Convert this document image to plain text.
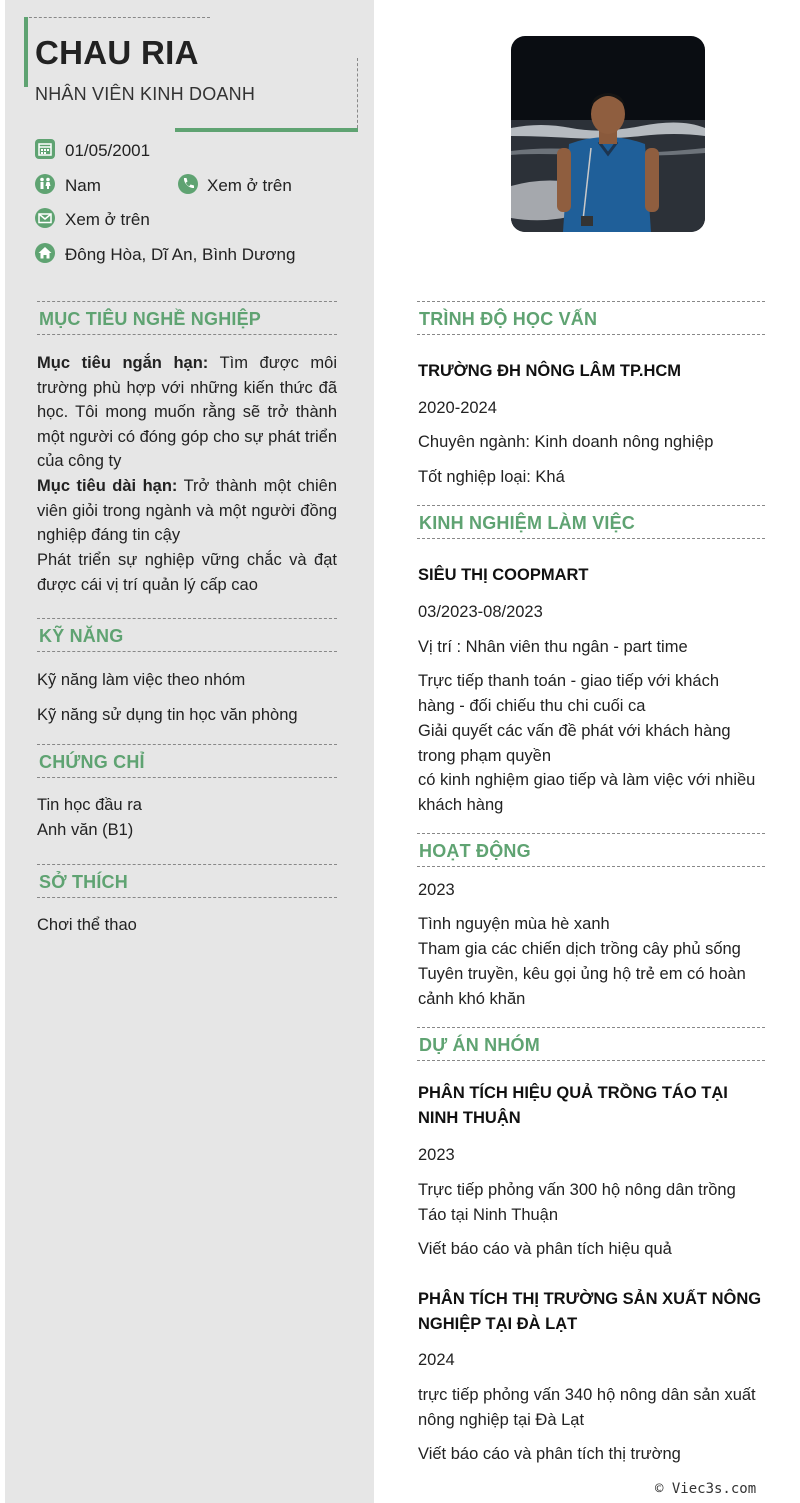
CHAU RIA
NHÂN VIÊN KINH DOANH
01/05/2001
Nam	Xem ở trên
Xem ở trên
Đông Hòa, Dĩ An, Bình Dương
MỤC TIÊU NGHỀ NGHIỆP
Mục tiêu ngắn hạn: Tìm được môi trường phù hợp với những kiến thức đã học. Tôi mong muốn rằng sẽ trở thành một người có đóng góp cho sự phát triển của công ty
Mục tiêu dài hạn: Trở thành một chiên viên giỏi trong ngành và một người đồng nghiệp đáng tin cậy
Phát triển sự nghiệp vững chắc và đạt được cái vị trí quản lý cấp cao
KỸ NĂNG
Kỹ năng làm việc theo nhóm
Kỹ năng sử dụng tin học văn phòng
CHỨNG CHỈ
Tin học đầu ra
Anh văn (B1)
SỞ THÍCH
Chơi thể thao
TRÌNH ĐỘ HỌC VẤN
TRƯỜNG ĐH NÔNG LÂM TP.HCM
2020-2024
Chuyên ngành: Kinh doanh nông nghiệp
Tốt nghiệp loại: Khá
KINH NGHIỆM LÀM VIỆC
SIÊU THỊ COOPMART
03/2023-08/2023
Vị trí : Nhân viên thu ngân - part time
Trực tiếp thanh toán - giao tiếp với khách hàng - đối chiếu thu chi cuối ca
Giải quyết các vấn đề phát với khách hàng trong phạm quyền
có kinh nghiệm giao tiếp và làm việc với nhiều khách hàng
HOẠT ĐỘNG
2023
Tình nguyện mùa hè xanh
Tham gia các chiến dịch trồng cây phủ sống
Tuyên truyền, kêu gọi ủng hộ trẻ em có hoàn cảnh khó khăn
DỰ ÁN NHÓM
PHÂN TÍCH HIỆU QUẢ TRỒNG TÁO TẠI NINH THUẬN
2023
Trực tiếp phỏng vấn 300 hộ nông dân trồng Táo tại Ninh Thuận
Viết báo cáo và phân tích hiệu quả
PHÂN TÍCH THỊ TRƯỜNG SẢN XUẤT NÔNG NGHIỆP TẠI ĐÀ LẠT
2024
trực tiếp phỏng vấn 340 hộ nông dân sản xuất nông nghiệp tại Đà Lạt
Viết báo cáo và phân tích thị trường
© Viec3s.com
